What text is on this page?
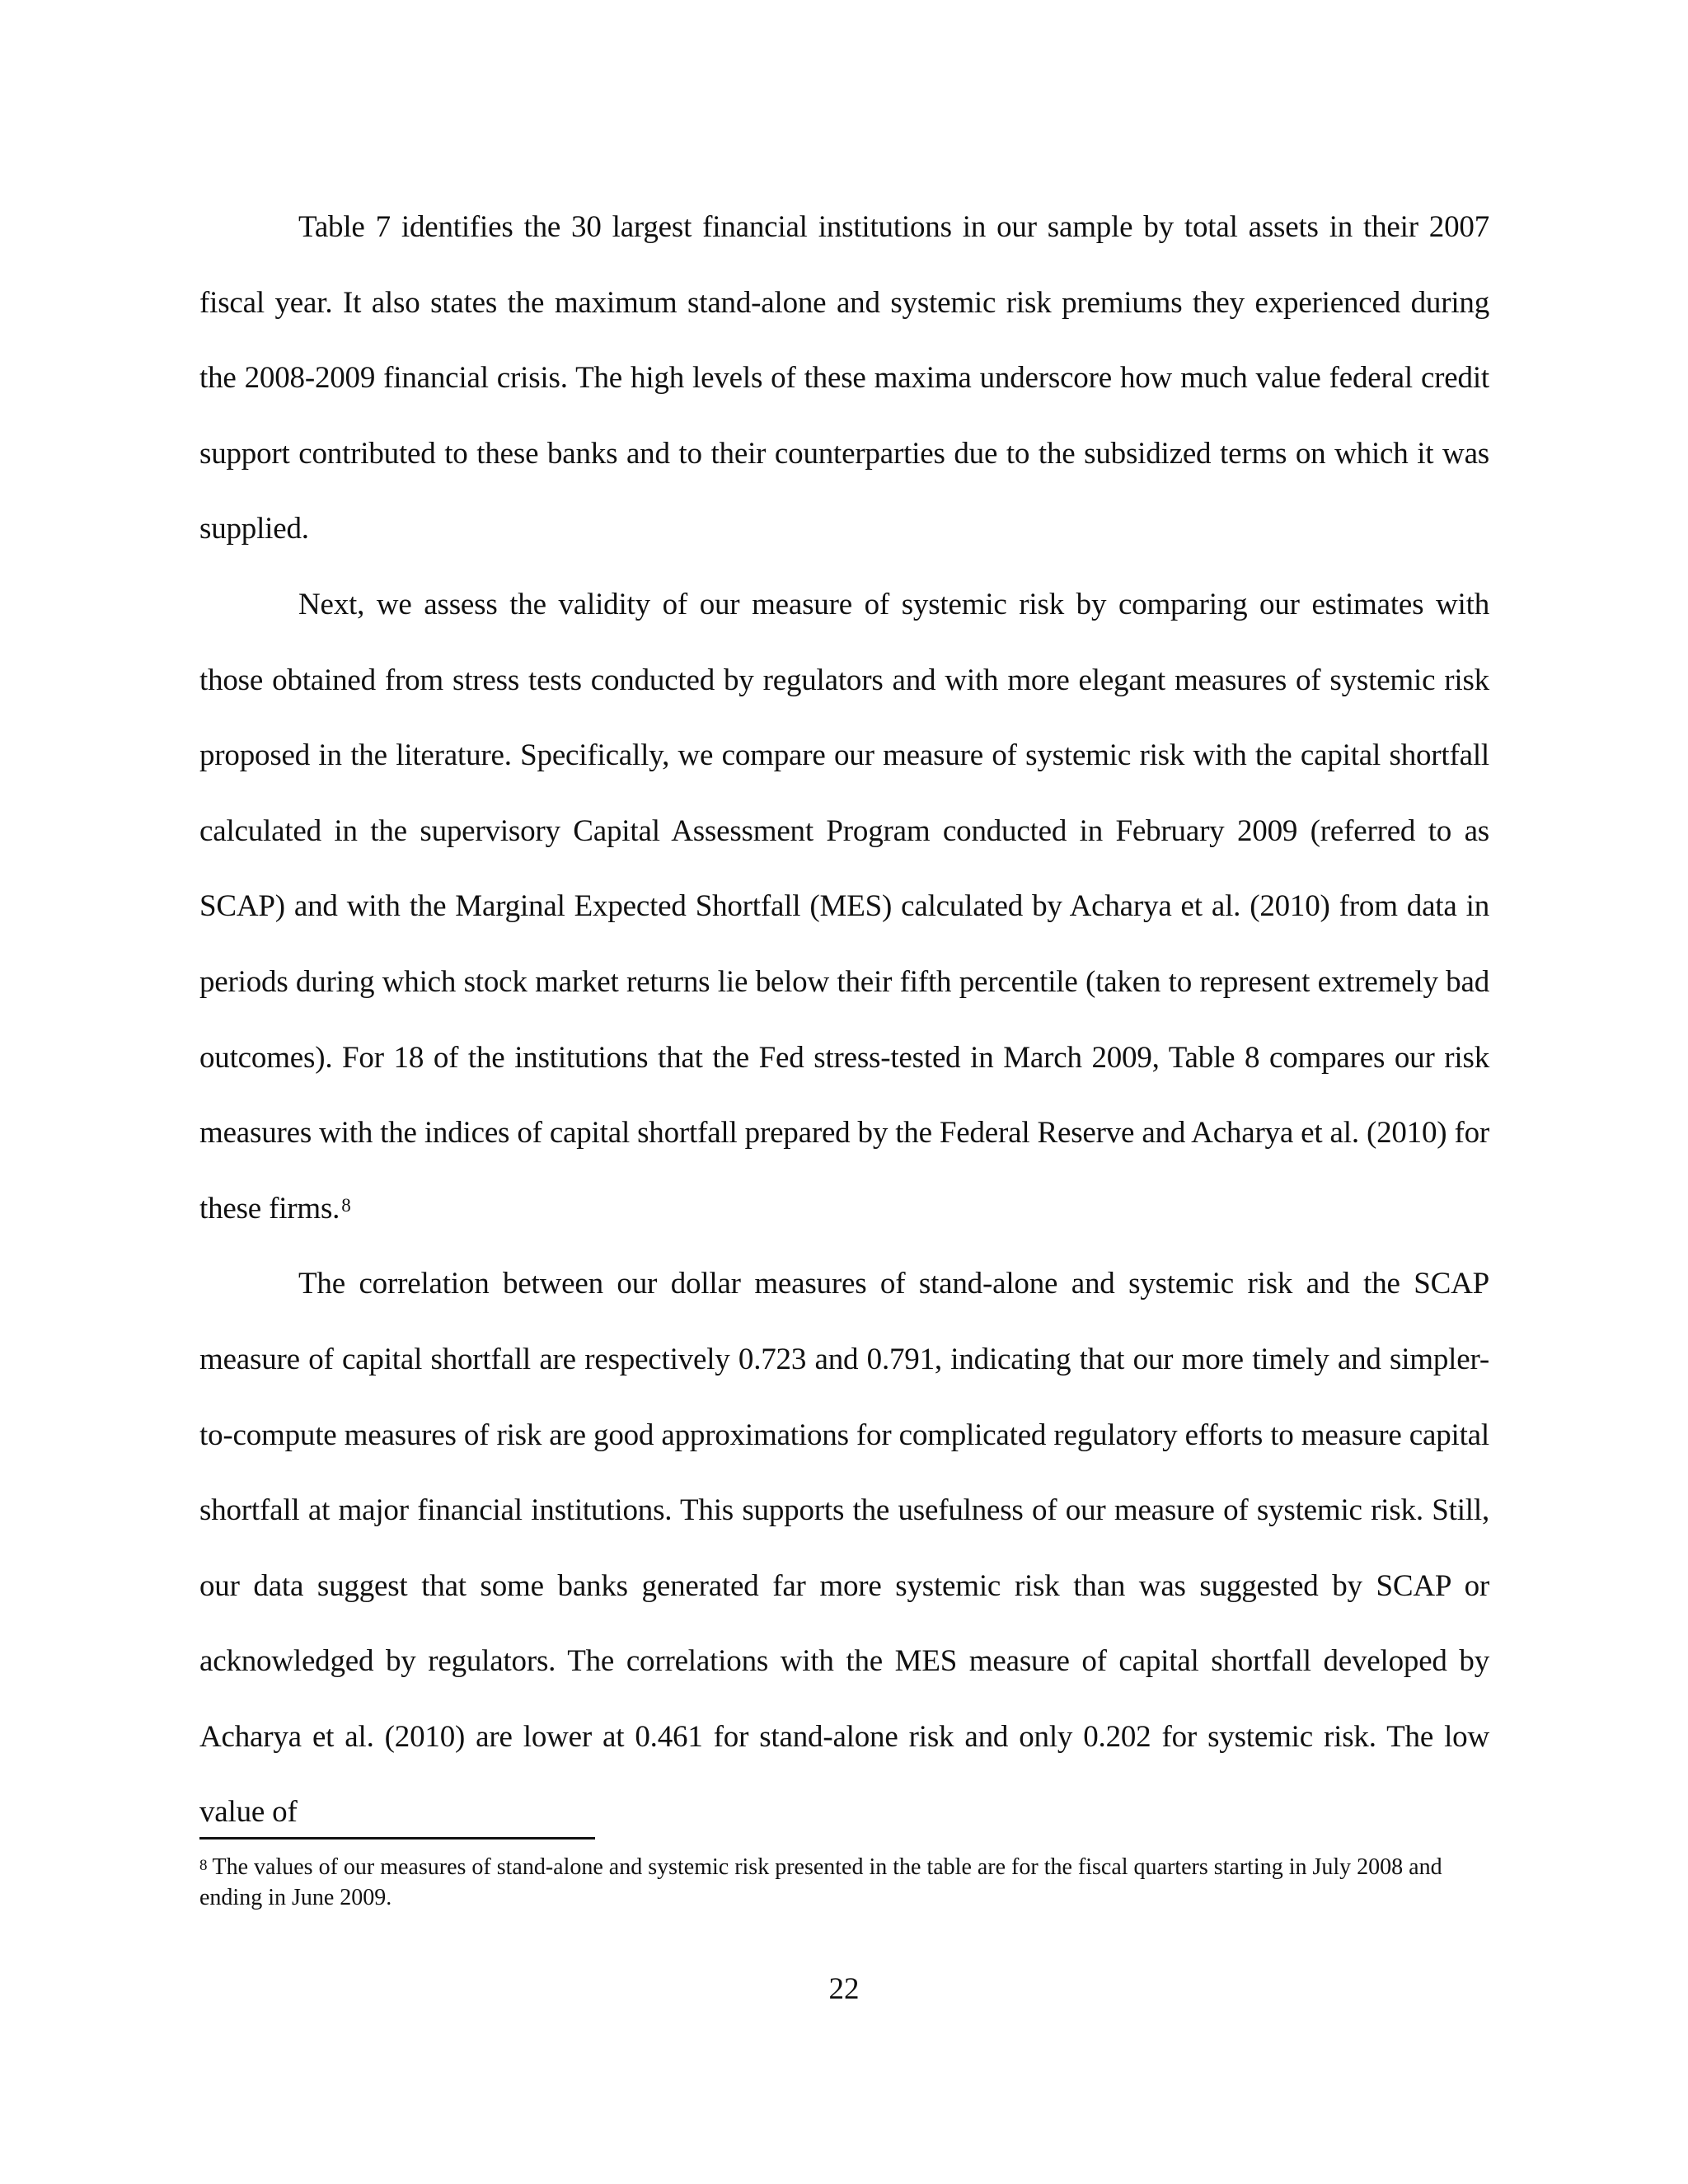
Table 7 identifies the 30 largest financial institutions in our sample by total assets in their 2007 fiscal year. It also states the maximum stand-alone and systemic risk premiums they experienced during the 2008-2009 financial crisis. The high levels of these maxima underscore how much value federal credit support contributed to these banks and to their counterparties due to the subsidized terms on which it was supplied.

Next, we assess the validity of our measure of systemic risk by comparing our estimates with those obtained from stress tests conducted by regulators and with more elegant measures of systemic risk proposed in the literature. Specifically, we compare our measure of systemic risk with the capital shortfall calculated in the supervisory Capital Assessment Program conducted in February 2009 (referred to as SCAP) and with the Marginal Expected Shortfall (MES) calculated by Acharya et al. (2010) from data in periods during which stock market returns lie below their fifth percentile (taken to represent extremely bad outcomes). For 18 of the institutions that the Fed stress-tested in March 2009, Table 8 compares our risk measures with the indices of capital shortfall prepared by the Federal Reserve and Acharya et al. (2010) for these firms.$^8$

The correlation between our dollar measures of stand-alone and systemic risk and the SCAP measure of capital shortfall are respectively 0.723 and 0.791, indicating that our more timely and simpler-to-compute measures of risk are good approximations for complicated regulatory efforts to measure capital shortfall at major financial institutions. This supports the usefulness of our measure of systemic risk. Still, our data suggest that some banks generated far more systemic risk than was suggested by SCAP or acknowledged by regulators. The correlations with the MES measure of capital shortfall developed by Acharya et al. (2010) are lower at 0.461 for stand-alone risk and only 0.202 for systemic risk. The low value of

$^8$ The values of our measures of stand-alone and systemic risk presented in the table are for the fiscal quarters starting in July 2008 and ending in June 2009.

22
